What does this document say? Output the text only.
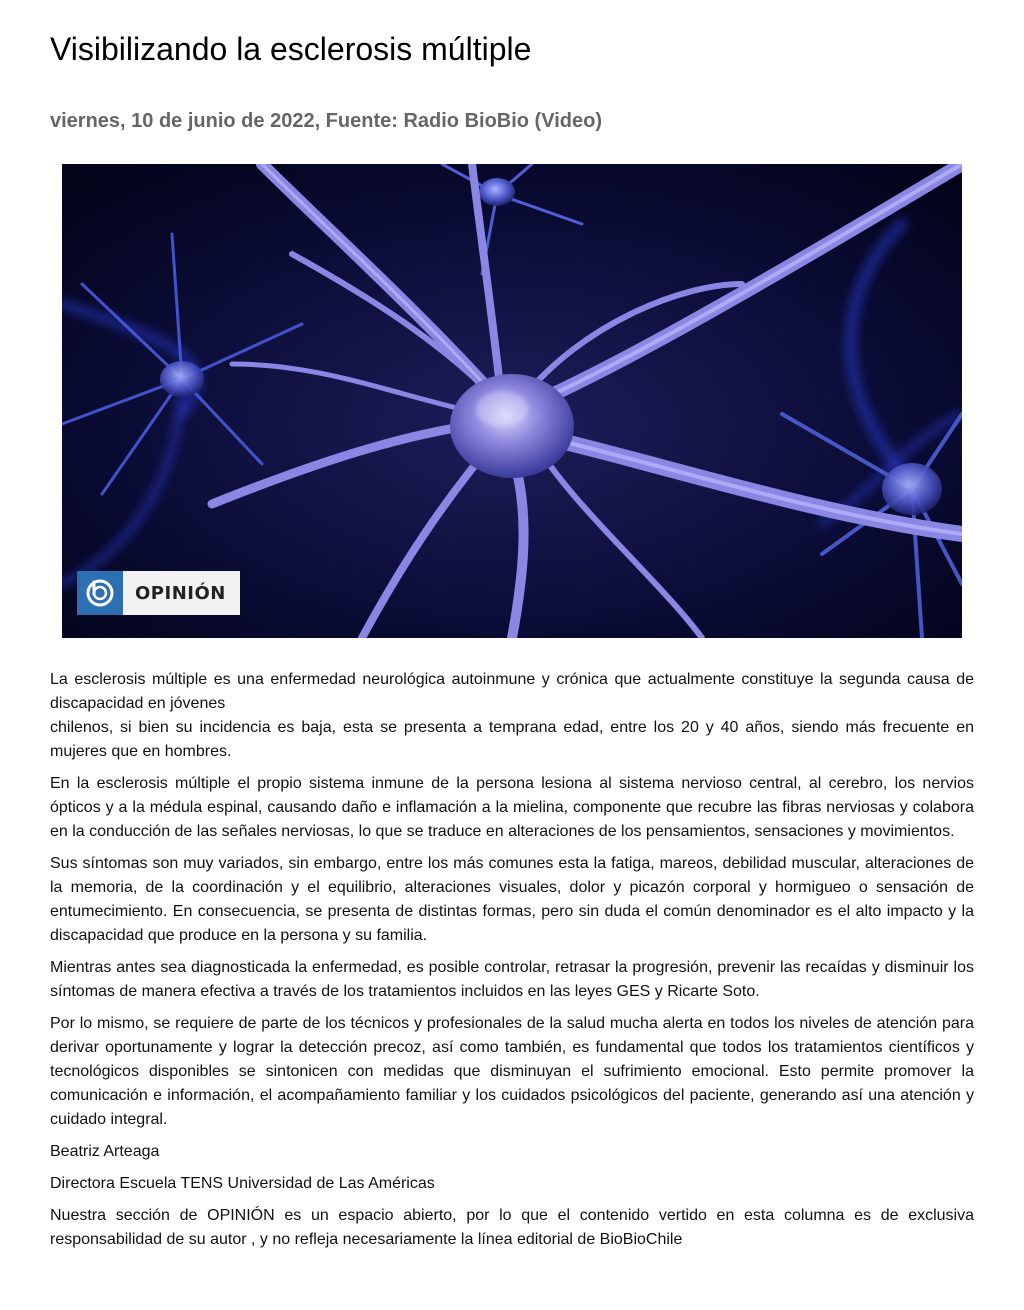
Visibilizando la esclerosis múltiple
viernes, 10 de junio de 2022, Fuente: Radio BioBio (Video)
OPINIÓN

La esclerosis múltiple es una enfermedad neurológica autoinmune y crónica que actualmente constituye la segunda causa de discapacidad en jóvenes
chilenos, si bien su incidencia es baja, esta se presenta a temprana edad, entre los 20 y 40 años, siendo más frecuente en mujeres que en hombres.

En la esclerosis múltiple el propio sistema inmune de la persona lesiona al sistema nervioso central, al cerebro, los nervios ópticos y a la médula espinal, causando daño e inflamación a la mielina, componente que recubre las fibras nerviosas y colabora en la conducción de las señales nerviosas, lo que se traduce en alteraciones de los pensamientos, sensaciones y movimientos.

Sus síntomas son muy variados, sin embargo, entre los más comunes esta la fatiga, mareos, debilidad muscular, alteraciones de la memoria, de la coordinación y el equilibrio, alteraciones visuales, dolor y picazón corporal y hormigueo o sensación de entumecimiento. En consecuencia, se presenta de distintas formas, pero sin duda el común denominador es el alto impacto y la discapacidad que produce en la persona y su familia.

Mientras antes sea diagnosticada la enfermedad, es posible controlar, retrasar la progresión, prevenir las recaídas y disminuir los síntomas de manera efectiva a través de los tratamientos incluidos en las leyes GES y Ricarte Soto.

Por lo mismo, se requiere de parte de los técnicos y profesionales de la salud mucha alerta en todos los niveles de atención para derivar oportunamente y lograr la detección precoz, así como también, es fundamental que todos los tratamientos científicos y tecnológicos disponibles se sintonicen con medidas que disminuyan el sufrimiento emocional. Esto permite promover la comunicación e información, el acompañamiento familiar y los cuidados psicológicos del paciente, generando así una atención y cuidado integral.

Beatriz Arteaga

Directora Escuela TENS Universidad de Las Américas

Nuestra sección de OPINIÓN es un espacio abierto, por lo que el contenido vertido en esta columna es de exclusiva responsabilidad de su autor , y no refleja necesariamente la línea editorial de BioBioChile
